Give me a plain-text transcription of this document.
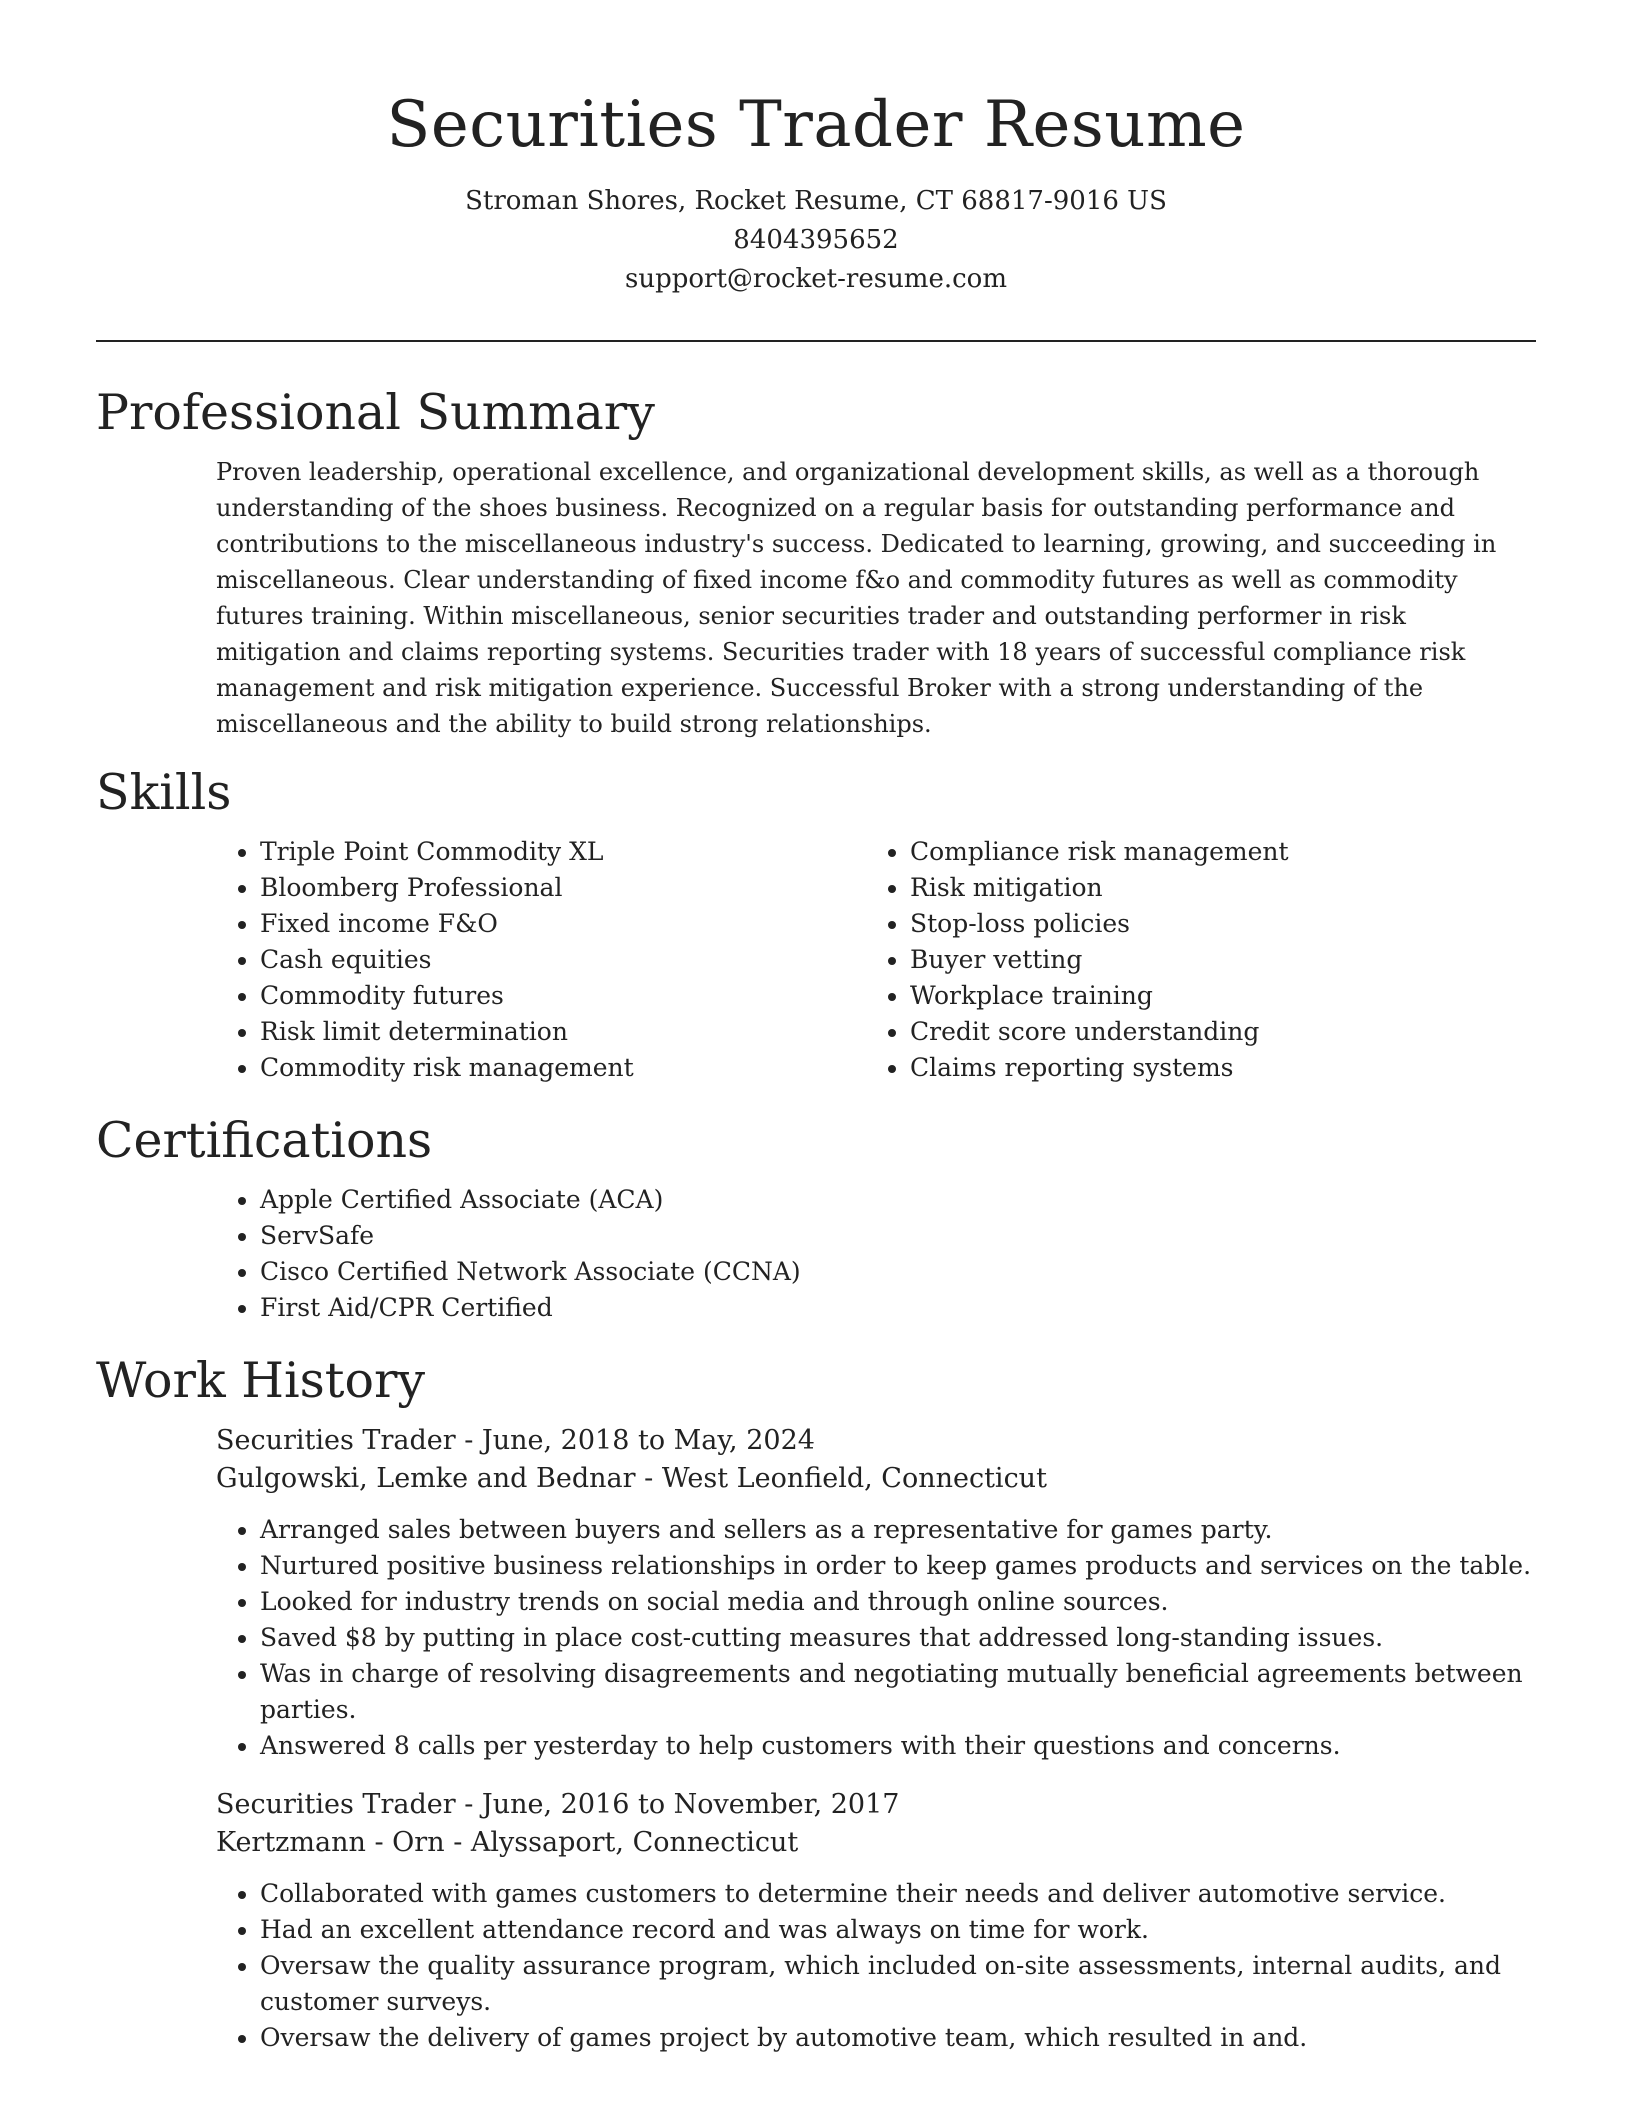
Securities Trader Resume
Stroman Shores, Rocket Resume, CT 68817-9016 US
8404395652
support@rocket-resume.com
Professional Summary

Proven leadership, operational excellence, and organizational development skills, as well as a thorough understanding of the shoes business. Recognized on a regular basis for outstanding performance and contributions to the miscellaneous industry's success. Dedicated to learning, growing, and succeeding in miscellaneous. Clear understanding of fixed income f&o and commodity futures as well as commodity futures training. Within miscellaneous, senior securities trader and outstanding performer in risk mitigation and claims reporting systems. Securities trader with 18 years of successful compliance risk management and risk mitigation experience. Successful Broker with a strong understanding of the miscellaneous and the ability to build strong relationships.

Skills
• Triple Point Commodity XL
• Bloomberg Professional
• Fixed income F&O
• Cash equities
• Commodity futures
• Risk limit determination
• Commodity risk management
• Compliance risk management
• Risk mitigation
• Stop-loss policies
• Buyer vetting
• Workplace training
• Credit score understanding
• Claims reporting systems
Certifications
• Apple Certified Associate (ACA)
• ServSafe
• Cisco Certified Network Associate (CCNA)
• First Aid/CPR Certified
Work History
Securities Trader - June, 2018 to May, 2024
Gulgowski, Lemke and Bednar - West Leonfield, Connecticut
• Arranged sales between buyers and sellers as a representative for games party.
• Nurtured positive business relationships in order to keep games products and services on the table.
• Looked for industry trends on social media and through online sources.
• Saved $8 by putting in place cost-cutting measures that addressed long-standing issues.
• Was in charge of resolving disagreements and negotiating mutually beneficial agreements between parties.
• Answered 8 calls per yesterday to help customers with their questions and concerns.
Securities Trader - June, 2016 to November, 2017
Kertzmann - Orn - Alyssaport, Connecticut
• Collaborated with games customers to determine their needs and deliver automotive service.
• Had an excellent attendance record and was always on time for work.
• Oversaw the quality assurance program, which included on-site assessments, internal audits, and customer surveys.
• Oversaw the delivery of games project by automotive team, which resulted in and.
